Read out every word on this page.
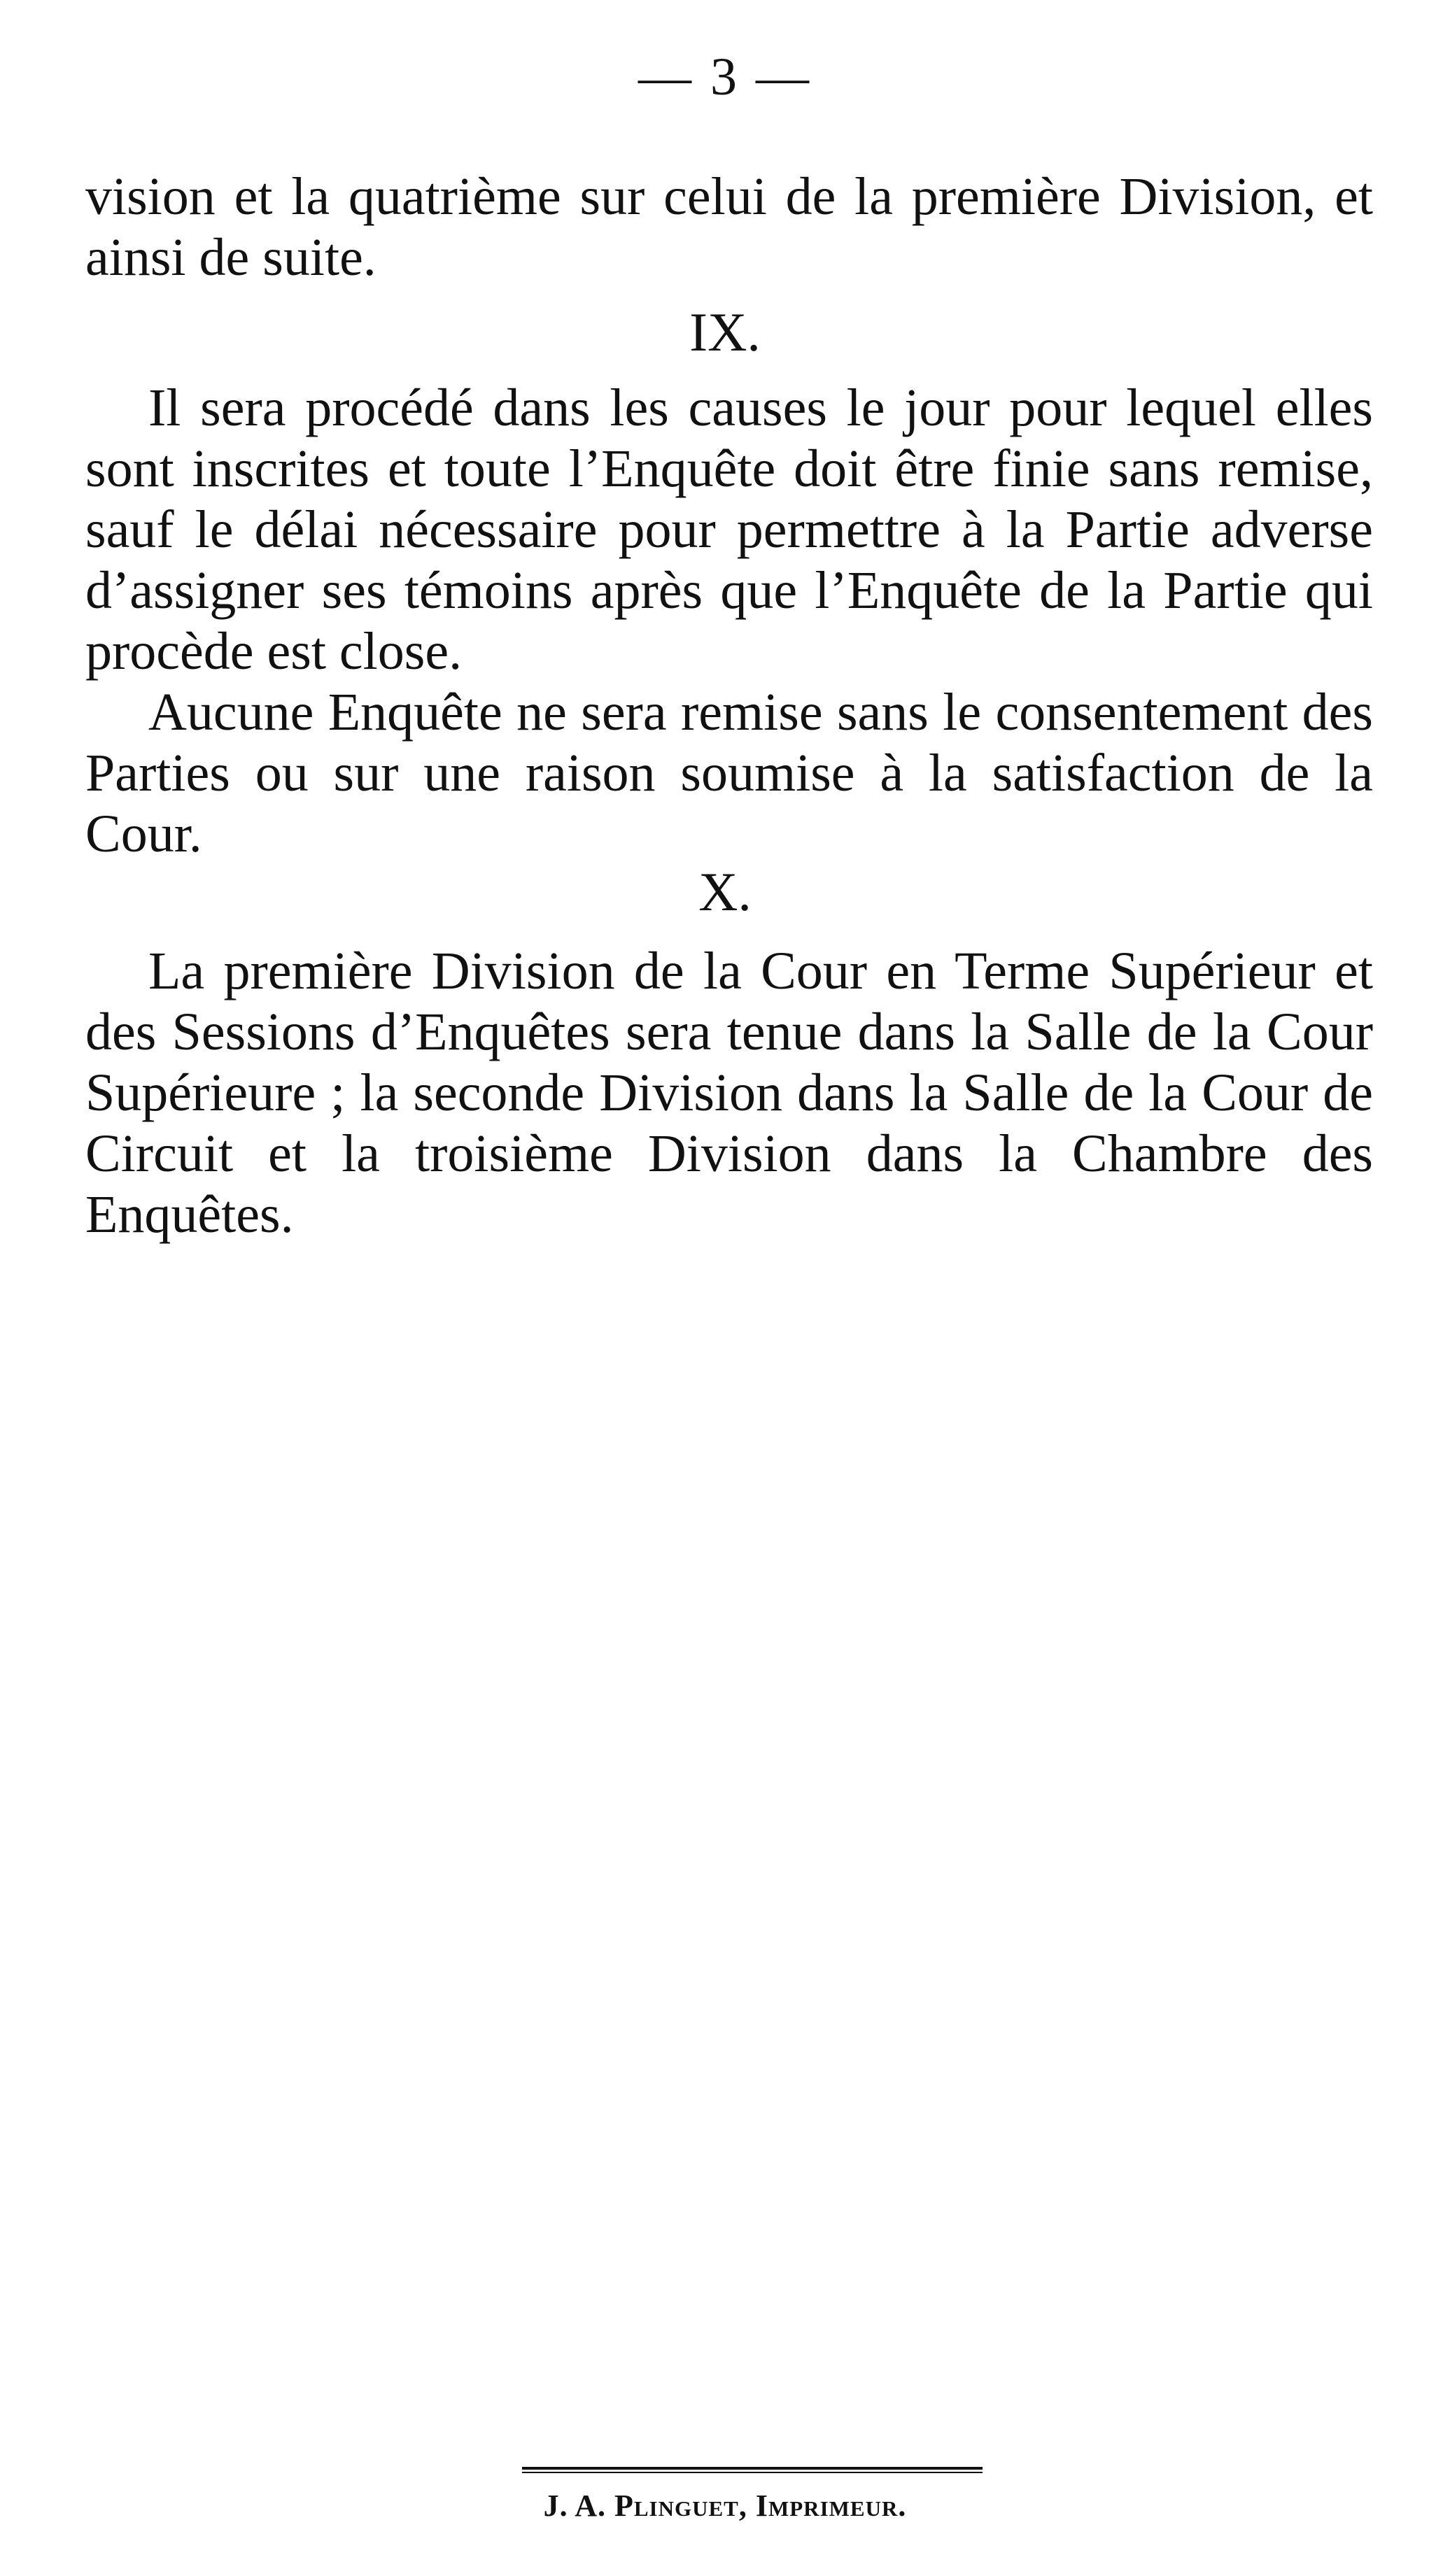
— 3 —

vision et la quatrième sur celui de la première Division, et ainsi de suite.

IX.

Il sera procédé dans les causes le jour pour lequel elles sont inscrites et toute l’Enquête doit être finie sans remise, sauf le délai nécessaire pour permettre à la Partie adverse d’assigner ses témoins après que l’Enquête de la Partie qui procède est close.

Aucune Enquête ne sera remise sans le consentement des Parties ou sur une raison soumise à la satisfaction de la Cour.

X.

La première Division de la Cour en Terme Supérieur et des Sessions d’Enquêtes sera tenue dans la Salle de la Cour Supérieure ; la seconde Division dans la Salle de la Cour de Circuit et la troisième Division dans la Chambre des Enquêtes.

J. A. Plinguet, Imprimeur.
